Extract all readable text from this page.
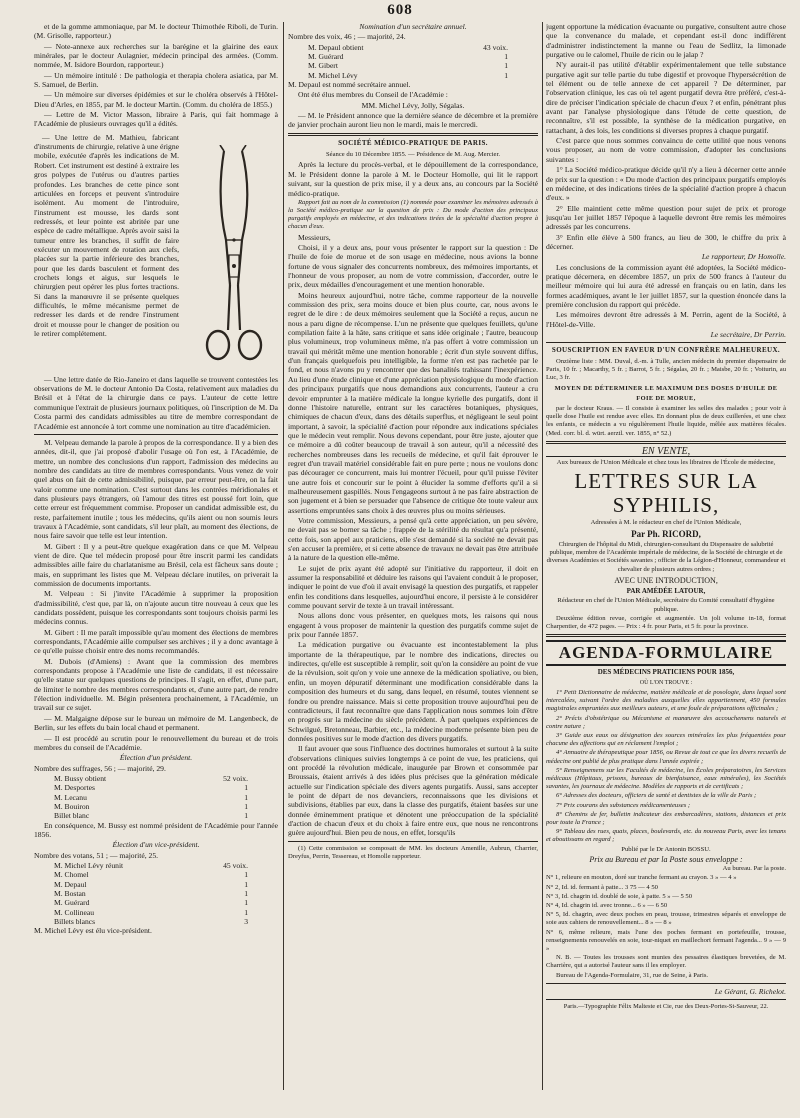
608

et de la gomme ammoniaque, par M. le docteur Thimothée Riboli, de Turin. (M. Grisolle, rapporteur.)

— Note-annexe aux recherches sur la barégine et la glairine des eaux minérales, par le docteur Aulagnier, médecin principal des armées. (Comm. nommée, M. Isidore Bourdon, rapporteur.)

— Un mémoire intitulé : De pathologia et therapia cholera asiatica, par M. S. Samuel, de Berlin.

— Un mémoire sur diverses épidémies et sur le choléra observés à l'Hôtel-Dieu d'Arles, en 1855, par M. le docteur Martin. (Comm. du choléra de 1855.)

— Lettre de M. Victor Masson, libraire à Paris, qui fait hommage à l'Académie de plusieurs ouvrages qu'il a édités.

— Une lettre de M. Mathieu, fabricant d'instruments de chirurgie, relative à une érigne mobile, exécutée d'après les indications de M. Robert. Cet instrument est destiné à extraire les gros polypes de l'utérus ou d'autres parties profondes. Les branches de cette pince sont articulées en forceps et peuvent s'introduire isolément. Au moment de l'introduire, l'instrument est mousse, les dards sont redressés, et leur pointe est abritée par une espèce de cadre métallique. Après avoir saisi la tumeur entre les branches, il suffit de faire exécuter un mouvement de rotation aux clefs, placées sur la partie inférieure des branches, pour que les dards basculent et forment des crochets longs et aigus, sur lesquels le chirurgien peut opérer les plus fortes tractions. Si dans la manœuvre il se présente quelques difficultés, le même mécanisme permet de redresser les dards et de rendre l'instrument droit et mousse pour le changer de position ou le retirer complétement.

— Une lettre datée de Rio-Janeiro et dans laquelle se trouvent contestées les observations de M. le docteur Antonio Da Costa, relativement aux maladies du Brésil et à l'état de la chirurgie dans ce pays. L'auteur de cette lettre communique l'extrait de plusieurs journaux politiques, où l'inscription de M. Da Costa parmi des candidats admissibles au titre de membre correspondant de l'Académie est annoncée à tort comme une nomination au titre d'académicien.

M. Velpeau demande la parole à propos de la correspondance. Il y a bien des années, dit-il, que j'ai proposé d'abolir l'usage où l'on est, à l'Académie, de mettre, un nombre des conclusions d'un rapport, l'admission des médecins au nombre des candidats au titre de membres correspondants. Vous venez de voir quel abus on fait de cette admissibilité, puisque, par erreur peut-être, on la fait valoir comme une nomination. C'est surtout dans les contrées méridionales et dans plusieurs pays étrangers, où l'amour des titres est poussé fort loin, que cette erreur est fréquemment commise. Proposer un candidat admissible est, du reste, parfaitement inutile ; tous les médecins, qu'ils aient ou non soumis leurs travaux à l'Académie, sont candidats, s'il leur plaît, au moment des élections, de nous faire savoir que telle est leur intention.

M. Gibert : Il y a peut-être quelque exagération dans ce que M. Velpeau vient de dire. Que tel médecin proposé pour être inscrit parmi les candidats admissibles aille faire du charlatanisme au Brésil, cela est fâcheux sans doute ; mais, en supprimant les listes que M. Velpeau déclare inutiles, on priverait la commission de documents importants.

M. Velpeau : Si j'invite l'Académie à supprimer la proposition d'admissibilité, c'est que, par là, on n'ajoute aucun titre nouveau à ceux que les candidats possèdent, puisque les correspondants sont toujours choisis parmi les médecins connus.

M. Gibert : Il me paraît impossible qu'au moment des élections de membres correspondants, l'Académie aille compulser ses archives ; il y a donc avantage à ce qu'elle puisse choisir entre des noms recommandés.

M. Dubois (d'Amiens) : Avant que la commission des membres correspondants propose à l'Académie une liste de candidats, il est nécessaire qu'elle statue sur quelques questions de principes. Il s'agit, en effet, d'une part, de limiter le nombre des membres correspondants et, d'une autre part, de rendre l'élection individuelle. M. Bégin présentera prochainement, à l'Académie, un travail sur ce sujet.

— M. Malgaigne dépose sur le bureau un mémoire de M. Langenbeck, de Berlin, sur les effets du bain local chaud et permanent.

— Il est procédé au scrutin pour le renouvellement du bureau et de trois membres du conseil de l'Académie.

Élection d'un président.

Nombre des suffrages, 56 ; — majorité, 29.

M. Bussy obtient	52 voix.
M. Desportes	1
M. Lecanu	1
M. Bouiron	1
Billet blanc	1

En conséquence, M. Bussy est nommé président de l'Académie pour l'année 1856.

Élection d'un vice-président.

Nombre des votans, 51 ; — majorité, 25.

M. Michel Lévy réunit	45 voix.
M. Chomel	1
M. Depaul	1
M. Bostan	1
M. Guérard	1
M. Collineau	1
Billets blancs	3

M. Michel Lévy est élu vice-président.

Nomination d'un secrétaire annuel.

Nombre des voix, 46 ; — majorité, 24.

M. Depaul obtient	43 voix.
M. Guérard	1
M. Gibert	1
M. Michel Lévy	1

M. Depaul est nommé secrétaire annuel.

Ont été élus membres du Conseil de l'Académie :

MM. Michel Lévy, Jolly, Ségalas.

— M. le Président annonce que la dernière séance de décembre et la première de janvier prochain auront lieu non le mardi, mais le mercredi.

SOCIÉTÉ MÉDICO-PRATIQUE DE PARIS.

Séance du 10 Décembre 1855. — Présidence de M. Aug. Mercier.

Après la lecture du procès-verbal, et le dépouillement de la correspondance, M. le Président donne la parole à M. le Docteur Homolle, qui lit le rapport suivant, sur la question de prix mise, il y a deux ans, au concours par la Société médico-pratique.

Rapport fait au nom de la commission (1) nommée pour examiner les mémoires adressés à la Société médico-pratique sur la question de prix : Du mode d'action des principaux purgatifs employés en médecine, et des indications tirées de la spécialité d'action propre à chacun d'eux.

Messieurs,

Choisi, il y a deux ans, pour vous présenter le rapport sur la question : De l'huile de foie de morue et de son usage en médecine, nous avions la bonne fortune de vous signaler des concurrents nombreux, des mémoires importants, et l'honneur de vous proposer, au nom de votre commission, d'accorder, outre le prix, deux médailles d'encouragement et une mention honorable.

Moins heureux aujourd'hui, notre tâche, comme rapporteur de la nouvelle commission des prix, sera moins douce et bien plus courte, car, nous avons le regret de le dire : de deux mémoires seulement que la Société a reçus, aucun ne nous a paru digne de récompense. L'un ne présente que quelques feuillets, qu'une compilation faite à la hâte, sans critique et sans idée originale ; l'autre, beaucoup plus volumineux, trop volumineux même, n'a pas offert à votre commission un travail qui méritât même une mention honorable ; écrit d'un style souvent diffus, d'un français quelquefois peu intelligible, la forme n'en est pas rachetée par le fond, et nous n'avons pu y rencontrer que des banalités trahissant l'inexpérience. Au lieu d'une étude clinique et d'une appréciation physiologique du mode d'action des principaux purgatifs que nous demandions aux concurrents, l'auteur a cru devoir emprunter à la matière médicale la longue kyrielle des purgatifs, dont il donne l'histoire naturelle, entrant sur les caractères botaniques, physiques, chimiques de chacun d'eux, dans des détails superflus, et négligeant le seul point important, à savoir, la spécialité d'action pour répondre aux indications spéciales que le médecin veut remplir. Nous devons cependant, pour être juste, ajouter que ce mémoire a dû coûter beaucoup de travail à son auteur, qu'il a nécessité des recherches nombreuses dans les recueils de médecine, et qu'il fait éprouver le regret d'un travail matériel considérable fait en pure perte ; nous ne voulons donc pas décourager ce concurrent, mais lui montrer l'écueil, pour qu'il puisse l'éviter une autre fois et concourir sur le point à élucider la somme d'efforts qu'il a si malheureusement gaspillés. Nous l'engageons surtout à ne pas faire abstraction de son jugement et à bien se persuader que l'absence de critique ôte toute valeur aux assertions empruntées sans choix à des œuvres plus ou moins sérieuses.

Votre commission, Messieurs, a pensé qu'à cette appréciation, un peu sévère, ne devait pas se borner sa tâche ; frappée de la stérilité du résultat qu'a présenté, cette fois, son appel aux praticiens, elle s'est demandé si la société ne devait pas s'en accuser la première, et si cette absence de travaux ne devait pas être attribuée à la nature de la question elle-même.

Le sujet de prix ayant été adopté sur l'initiative du rapporteur, il doit en assumer la responsabilité et déduire les raisons qui l'avaient conduit à le proposer, indiquer le point de vue d'où il avait envisagé la question des purgatifs, et rappeler enfin les conditions dans lesquelles, aujourd'hui encore, il persiste à le considérer comme pouvant servir de texte à un travail intéressant.

Nous allons donc vous présenter, en quelques mots, les raisons qui nous engagent à vous proposer de maintenir la question des purgatifs comme sujet de prix pour l'année 1857.

La médication purgative ou évacuante est incontestablement la plus importante de la thérapeutique, par le nombre des indications, directes ou indirectes, qu'elle est susceptible à remplir, soit qu'on la considère au point de vue de la révulsion, soit qu'on y voie une annexe de la médication spoliative, ou bien, enfin, un moyen dépuratif déterminant une modification considérable dans la composition des humeurs et du sang, dans lequel, en résumé, toutes viennent se fondre ou prendre naissance. Mais si cette proposition trouve aujourd'hui peu de contradicteurs, il faut reconnaître que dans l'application nous sommes loin d'être en progrès sur la médecine du siècle précédent. À part quelques expériences de Schwilgué, Bretonneau, Barbier, etc., la médecine moderne présente bien peu de données positives sur le mode d'action des divers purgatifs.

Il faut avouer que sous l'influence des doctrines humorales et surtout à la suite d'observations cliniques suivies longtemps à ce point de vue, les praticiens, qui ont procédé la révolution médicale, inaugurée par Brown et consommée par Broussais, étaient arrivés à des idées plus précises que la génération médicale actuelle sur l'indication spéciale des divers agents purgatifs. Aussi, sans accepter le point de départ de nos devanciers, reconnaissons que les divisions et subdivisions, établies par eux, dans la classe des purgatifs, étaient basées sur une donnée éminemment pratique et dénotent une préoccupation de la spécialité d'action de chacun d'eux et du choix à faire entre eux, que nous ne rencontrons guère aujourd'hui. Bien peu de nous, en effet, lorsqu'ils

(1) Cette commission se composait de MM. les docteurs Amenille, Aubrun, Charrier, Dreyfus, Perrin, Tessereau, et Homolle rapporteur.

jugent opportune la médication évacuante ou purgative, consultent autre chose que la convenance du malade, et cependant est-il donc indifférent d'administrer indistinctement la manne ou l'eau de Sedlitz, la limonade purgative ou le calomel, l'huile de ricin ou le jalap ?

N'y aurait-il pas utilité d'établir expérimentalement que telle substance purgative agit sur telle partie du tube digestif et provoque l'hypersécrétion de tel élément ou de telle annexe de cet appareil ? De déterminer, par l'observation clinique, les cas où tel agent purgatif devra être préféré, c'est-à-dire de préciser l'indication spéciale de chacun d'eux ? et enfin, pénétrant plus avant par l'analyse physiologique dans l'étude de cette question, de reconnaître, s'il est possible, la synthèse de la médication purgative, en rattachant, à des lois, les conditions si diverses propres à chaque purgatif.

C'est parce que nous sommes convaincu de cette utilité que nous venons vous proposer, au nom de votre commission, d'adopter les conclusions suivantes :

1° La Société médico-pratique décide qu'il n'y a lieu à décerner cette année de prix sur la question : « Du mode d'action des principaux purgatifs employés en médecine, et des indications tirées de la spécialité d'action propre à chacun d'eux. »

2° Elle maintient cette même question pour sujet de prix et proroge jusqu'au 1er juillet 1857 l'époque à laquelle devront être remis les mémoires adressés par les concurrens.

3° Enfin elle élève à 500 francs, au lieu de 300, le chiffre du prix à décerner.

Le rapporteur, Dr Homolle.

Les conclusions de la commission ayant été adoptées, la Société médico-pratique décernera, en décembre 1857, un prix de 500 francs à l'auteur du meilleur mémoire qui lui aura été adressé en français ou en latin, dans les formes académiques, avant le 1er juillet 1857, sur la question énoncée dans la première conclusion du rapport qui précède.

Les mémoires devront être adressés à M. Perrin, agent de la Société, à l'Hôtel-de-Ville.

Le secrétaire, Dr Perrin.

SOUSCRIPTION EN FAVEUR D'UN CONFRÈRE MALHEUREUX.

Onzième liste : MM. Duval, d.-m. à Tulle, ancien médecin du premier dispensaire de Paris, 10 fr. ; Macarthy, 5 fr. ; Barrot, 5 fr. ; Ségalas, 20 fr. ; Maisbe, 20 fr. ; Voiturin, au Luc, 3 fr.

MOYEN DE DÉTERMINER LE MAXIMUM DES DOSES D'HUILE DE FOIE DE MORUE,

par le docteur Kraus. — Il consiste à examiner les selles des malades ; pour voir à quelle dose l'huile est rendue avec elles. En donnant plus de deux cuillerées, et une chez les enfants, ce médecin a vu régulièrement l'huile liquide, mêlée aux matières fécales. (Med. corr. bl. d. würt. aerztl. ver. 1855, n° 52.)

EN VENTE,

Aux bureaux de l'Union Médicale et chez tous les libraires de l'École de médecine,

LETTRES SUR LA SYPHILIS,

Adressées à M. le rédacteur en chef de l'Union Médicale,

Par Ph. RICORD,

Chirurgien de l'hôpital du Midi, chirurgien-consultant du Dispensaire de salubrité publique, membre de l'Académie impériale de médecine, de la Société de chirurgie et de diverses Académies et Sociétés savantes ; officier de la Légion-d'Honneur, commandeur et chevalier de plusieurs autres ordres ;

AVEC UNE INTRODUCTION,

PAR AMÉDÉE LATOUR,

Rédacteur en chef de l'Union Médicale, secrétaire du Comité consultatif d'hygiène publique.

Deuxième édition revue, corrigée et augmentée. Un joli volume in-18, format Charpentier, de 472 pages. — Prix : 4 fr. pour Paris, et 5 fr. pour la province.

AGENDA-FORMULAIRE

DES MÉDECINS PRATICIENS POUR 1856,

OÙ L'ON TROUVE :

1° Petit Dictionnaire de médecine, matière médicale et de posologie, dans lequel sont intercalées, suivant l'ordre des maladies auxquelles elles appartiennent, 450 formules magistrales empruntées aux meilleurs auteurs, et une foule de préparations officinales ;

2° Précis d'obstétrique ou Mécanisme et manœuvre des accouchemens naturels et contre nature ;

3° Guide aux eaux ou désignation des sources minérales les plus fréquentées pour chacune des affections qui en réclament l'emploi ;

4° Annuaire de thérapeutique pour 1856, ou Revue de tout ce que les divers recueils de médecine ont publié de plus pratique dans l'année expirée ;

5° Renseignemens sur les Facultés de médecine, les Écoles préparatoires, les Services médicaux (Hôpitaux, prisons, bureaux de bienfaisance, eaux minérales), les Sociétés savantes, les journaux de médecine. Modèles de rapports et de certificats ;

6° Adresses des docteurs, officiers de santé et dentistes de la ville de Paris ;

7° Prix courans des substances médicamenteuses ;

8° Chemins de fer, bulletin indicateur des embarcadères, stations, distances et prix pour toute la France ;

9° Tableau des rues, quais, places, boulevards, etc. du nouveau Paris, avec les tenans et aboutissans en regard ;

Publié par le Dr Antonin BOSSU.

Prix au Bureau et par la Poste sous enveloppe :

Au bureau. Par la poste.

N° 1, relieure en mouton, doré sur tranche fermant au crayon. 3 » — 4 »

N° 2, Id. id. fermant à patte... 3 75 — 4 50

N° 3, Id. chagrin id. doublé de soie, à patte. 5 » — 5 50

N° 4, Id. chagrin id. avec tronne... 6 » — 6 50

N° 5, Id. chagrin, avec deux poches en peau, trousse, trimestres séparés et enveloppe de soie aux cahiers de renouvellement... 8 » — 8 »

N° 6, même relieure, mais l'une des poches fermant en portefeuille, trousse, renseignements renouvelés en soie, tour-niquet en maillechort fermant l'agenda... 9 » — 9 »

N. B. — Toutes les trousses sont munies des pessaires élastiques brevetées, de M. Charrière, qui a autorisé l'auteur sans il les employer.

Bureau de l'Agenda-Formulaire, 31, rue de Seine, à Paris.

Le Gérant, G. Richelot.

Paris.—Typographie Félix Malteste et Cie, rue des Deux-Portes-St-Sauveur, 22.
